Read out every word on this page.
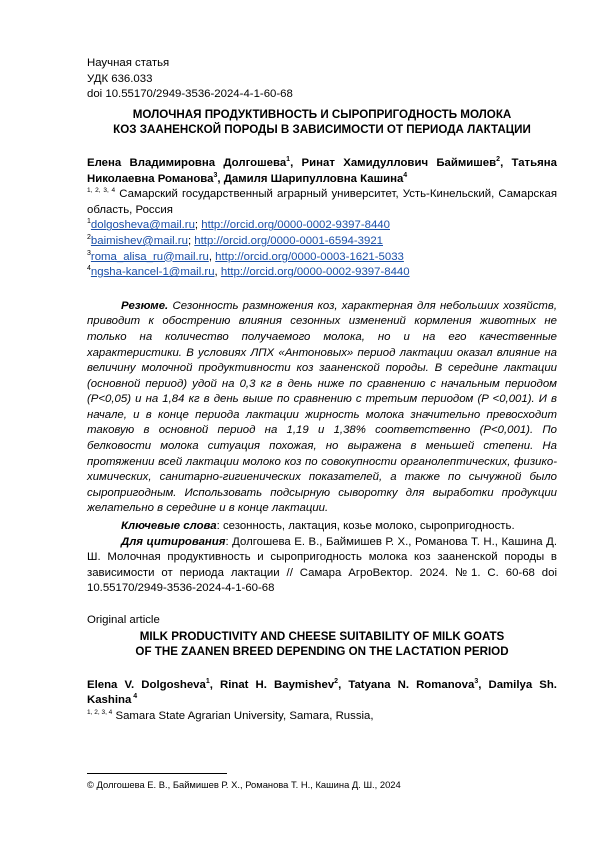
Научная статья
УДК 636.033
doi 10.55170/2949-3536-2024-4-1-60-68
МОЛОЧНАЯ ПРОДУКТИВНОСТЬ И СЫРОПРИГОДНОСТЬ МОЛОКА
КОЗ ЗААНЕНСКОЙ ПОРОДЫ В ЗАВИСИМОСТИ ОТ ПЕРИОДА ЛАКТАЦИИ
Елена Владимировна Долгошева$^1$, Ринат Хамидуллович Баймишев$^2$, Татьяна Николаевна Романова$^3$, Дамиля Шарипулловна Кашина$^4$
$^{1, 2, 3, 4}$ Самарский государственный аграрный университет, Усть-Кинельский, Самарская область, Россия
$^1$dolgosheva@mail.ru; http://orcid.org/0000-0002-9397-8440
$^2$baimishev@mail.ru; http://orcid.org/0000-0001-6594-3921
$^3$roma_alisa_ru@mail.ru, http://orcid.org/0000-0003-1621-5033
$^4$ngsha-kancel-1@mail.ru, http://orcid.org/0000-0002-9397-8440
Резюме. Сезонность размножения коз, характерная для небольших хозяйств, приводит к обострению влияния сезонных изменений кормления животных не только на количество получаемого молока, но и на его качественные характеристики. В условиях ЛПХ «Антоновых» период лактации оказал влияние на величину молочной продуктивности коз зааненской породы. В середине лактации (основной период) удой на 0,3 кг в день ниже по сравнению с начальным периодом (P<0,05) и на 1,84 кг в день выше по сравнению с третьим периодом (P <0,001). И в начале, и в конце периода лактации жирность молока значительно превосходит таковую в основной период на 1,19 и 1,38% соответственно (P<0,001). По белковости молока ситуация похожая, но выражена в меньшей степени. На протяжении всей лактации молоко коз по совокупности органолептических, физико-химических, санитарно-гигиенических показателей, а также по сычужной было сыропригодным. Использовать подсырную сыворотку для выработки продукции желательно в середине и в конце лактации.
Ключевые слова: сезонность, лактация, козье молоко, сыропригодность.
Для цитирования: Долгошева Е. В., Баймишев Р. Х., Романова Т. Н., Кашина Д. Ш. Молочная продуктивность и сыропригодность молока коз зааненской породы в зависимости от периода лактации // Самара АгроВектор. 2024. №1. С. 60-68 doi 10.55170/2949-3536-2024-4-1-60-68
Original article
MILK PRODUCTIVITY AND CHEESE SUITABILITY OF MILK GOATS
OF THE ZAANEN BREED DEPENDING ON THE LACTATION PERIOD
Elena V. Dolgosheva$^1$, Rinat H. Baymishev$^2$, Tatyana N. Romanova$^3$, Damilya Sh. Kashina $^4$
$^{1, 2, 3, 4}$ Samara State Agrarian University, Samara, Russia,
© Долгошева Е. В., Баймишев Р. Х., Романова Т. Н., Кашина Д. Ш., 2024
